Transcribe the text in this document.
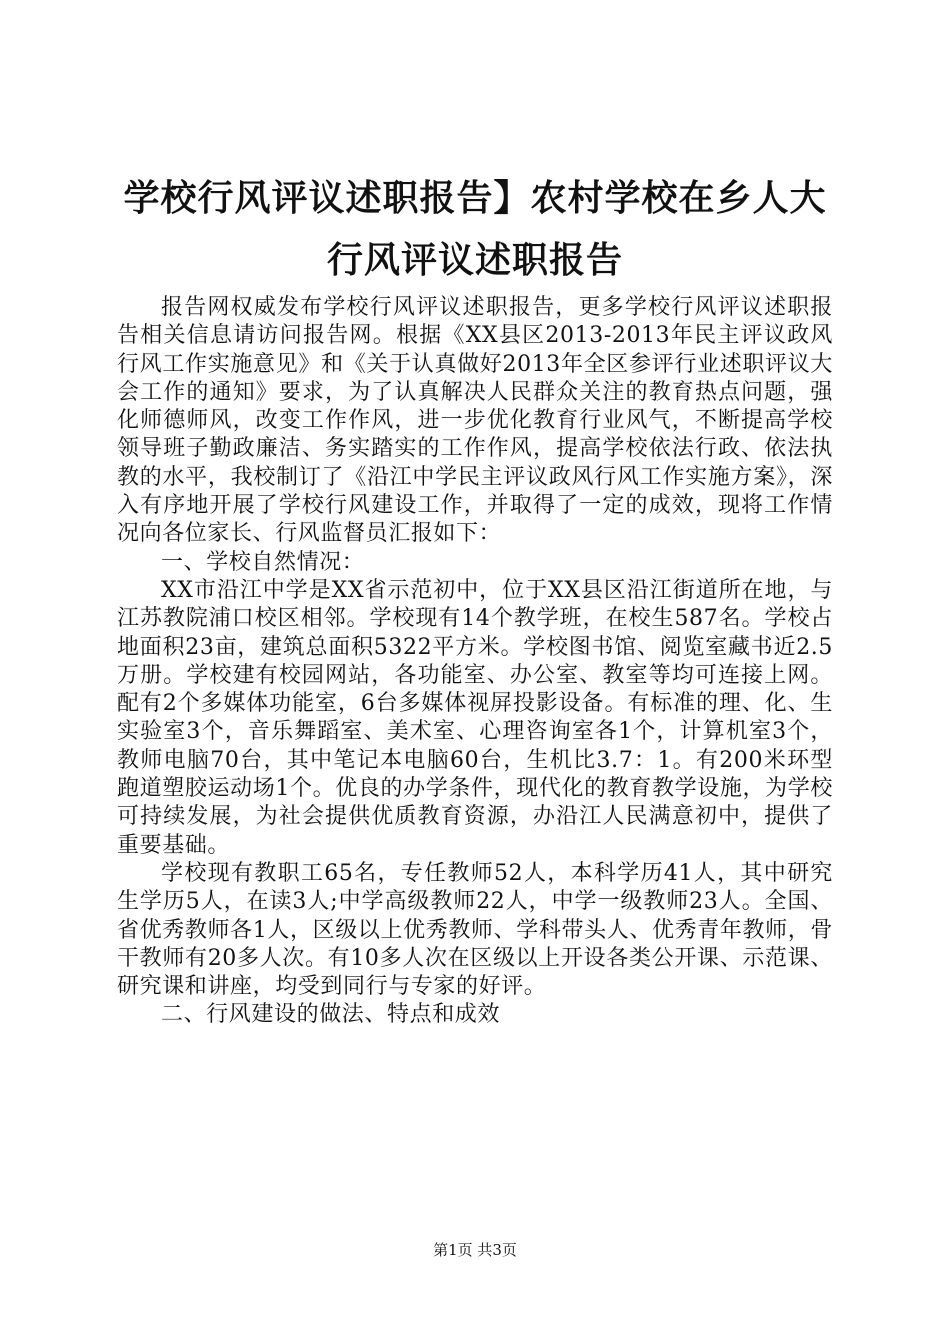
学校行风评议述职报告】农村学校在乡人大行风评议述职报告

报告网权威发布学校行风评议述职报告，更多学校行风评议述职报告相关信息请访问报告网。根据《XX县区2013-2013年民主评议政风行风工作实施意见》和《关于认真做好2013年全区参评行业述职评议大会工作的通知》要求，为了认真解决人民群众关注的教育热点问题，强化师德师风，改变工作作风，进一步优化教育行业风气，不断提高学校领导班子勤政廉洁、务实踏实的工作作风，提高学校依法行政、依法执教的水平，我校制订了《沿江中学民主评议政风行风工作实施方案》，深入有序地开展了学校行风建设工作，并取得了一定的成效，现将工作情况向各位家长、行风监督员汇报如下：

一、学校自然情况：

XX市沿江中学是XX省示范初中，位于XX县区沿江街道所在地，与江苏教院浦口校区相邻。学校现有14个教学班，在校生587名。学校占地面积23亩，建筑总面积5322平方米。学校图书馆、阅览室藏书近2.5万册。学校建有校园网站，各功能室、办公室、教室等均可连接上网。配有2个多媒体功能室，6台多媒体视屏投影设备。有标准的理、化、生实验室3个，音乐舞蹈室、美术室、心理咨询室各1个，计算机室3个，教师电脑70台，其中笔记本电脑60台，生机比3.7：1。有200米环型跑道塑胶运动场1个。优良的办学条件，现代化的教育教学设施，为学校可持续发展，为社会提供优质教育资源，办沿江人民满意初中，提供了重要基础。

学校现有教职工65名，专任教师52人，本科学历41人，其中研究生学历5人，在读3人;中学高级教师22人，中学一级教师23人。全国、省优秀教师各1人，区级以上优秀教师、学科带头人、优秀青年教师，骨干教师有20多人次。有10多人次在区级以上开设各类公开课、示范课、研究课和讲座，均受到同行与专家的好评。

二、行风建设的做法、特点和成效

第1页 共3页
